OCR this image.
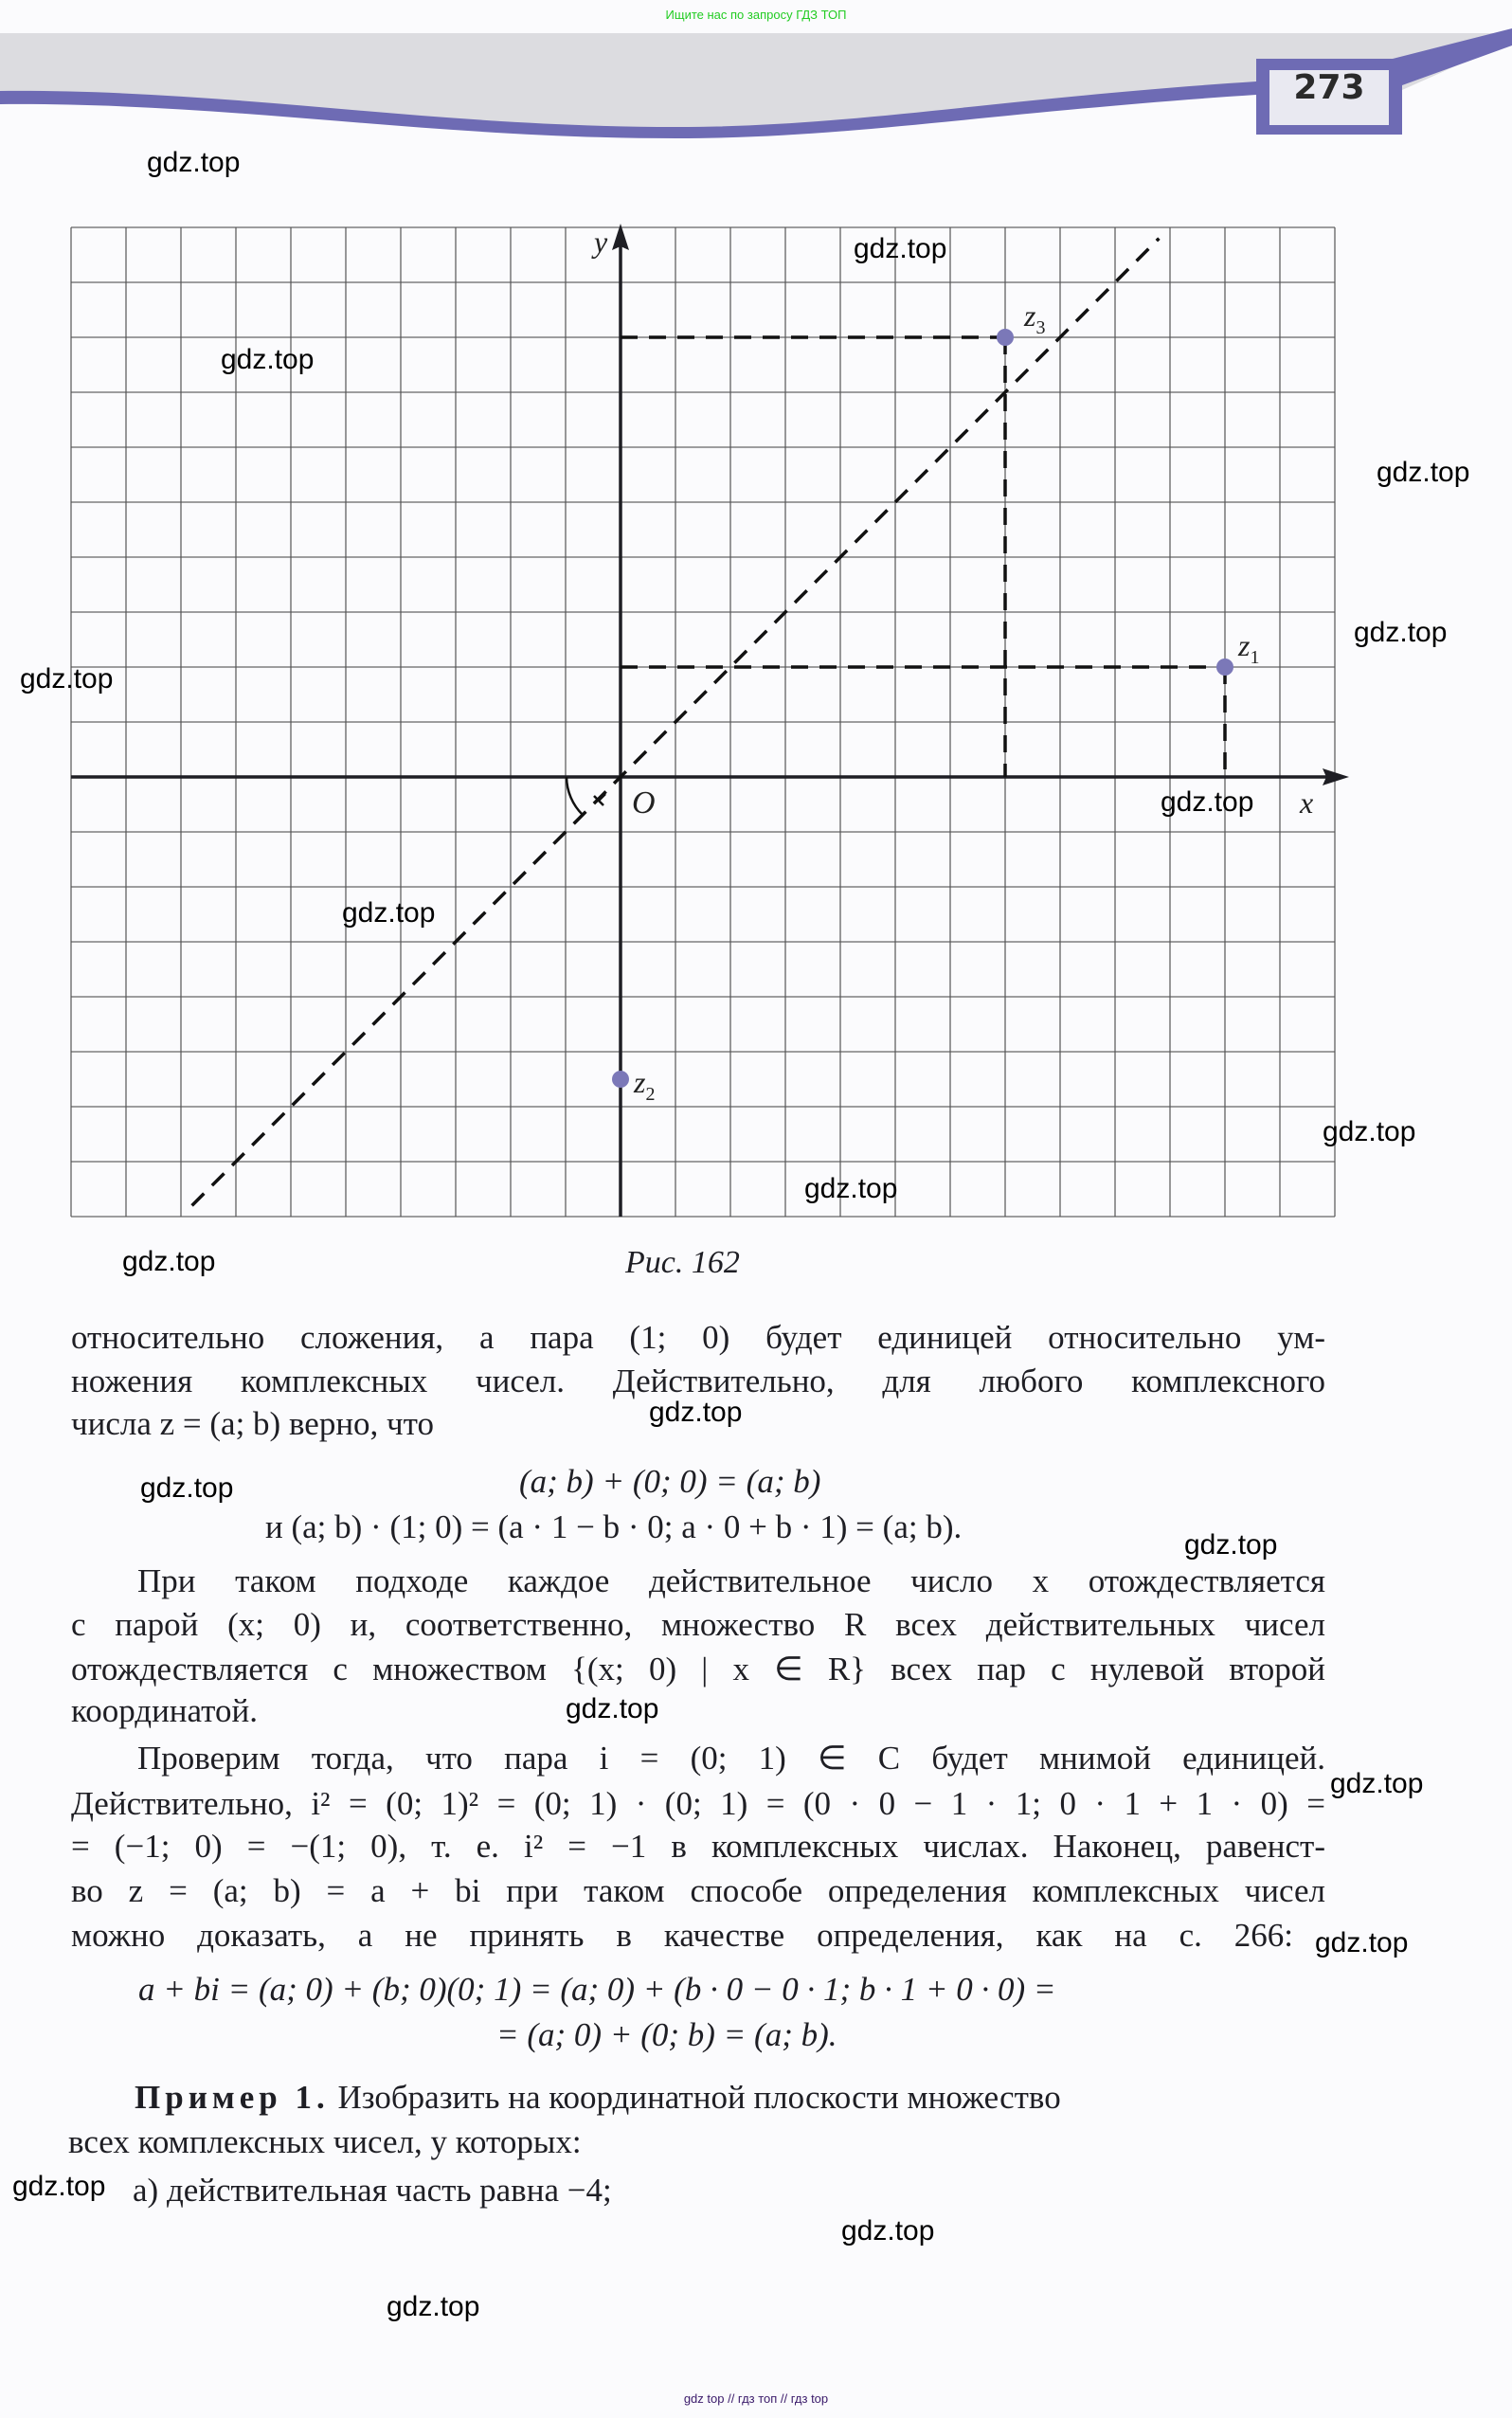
Ищите нас по запросу ГДЗ ТОП
273
$z_1$
$z_2$
$z_3$
y
x
O
Рис. 162
относительно сложения, а пара (1; 0) будет единицей относительно ум-
ножения комплексных чисел. Действительно, для любого комплексного
числа z = (a; b) верно, что
(a; b) + (0; 0) = (a; b)
и (a; b) · (1; 0) = (a · 1 − b · 0; a · 0 + b · 1) = (a; b).
При таком подходе каждое действительное число x отождествляется
с парой (x; 0) и, соответственно, множество R всех действительных чисел
отождествляется с множеством {(x; 0) | x ∈ R} всех пар с нулевой второй
координатой.
Проверим тогда, что пара i = (0; 1) ∈ C будет мнимой единицей.
Действительно, i² = (0; 1)² = (0; 1) · (0; 1) = (0 · 0 − 1 · 1; 0 · 1 + 1 · 0) =
= (−1; 0) = −(1; 0), т. е. i² = −1 в комплексных числах. Наконец, равенст-
во z = (a; b) = a + bi при таком способе определения комплексных чисел
можно доказать, а не принять в качестве определения, как на с. 266:
a + bi = (a; 0) + (b; 0)(0; 1) = (a; 0) + (b · 0 − 0 · 1; b · 1 + 0 · 0) =
= (a; 0) + (0; b) = (a; b).
Пример 1. Изобразить на координатной плоскости множество
всех комплексных чисел, у которых:
а) действительная часть равна −4;
gdz.top
gdz.top
gdz.top
gdz.top
gdz.top
gdz.top
gdz.top
gdz.top
gdz.top
gdz.top
gdz.top
gdz.top
gdz.top
gdz.top
gdz.top
gdz.top
gdz.top
gdz.top
gdz.top
gdz.top
gdz top // гдз топ // гдз top
